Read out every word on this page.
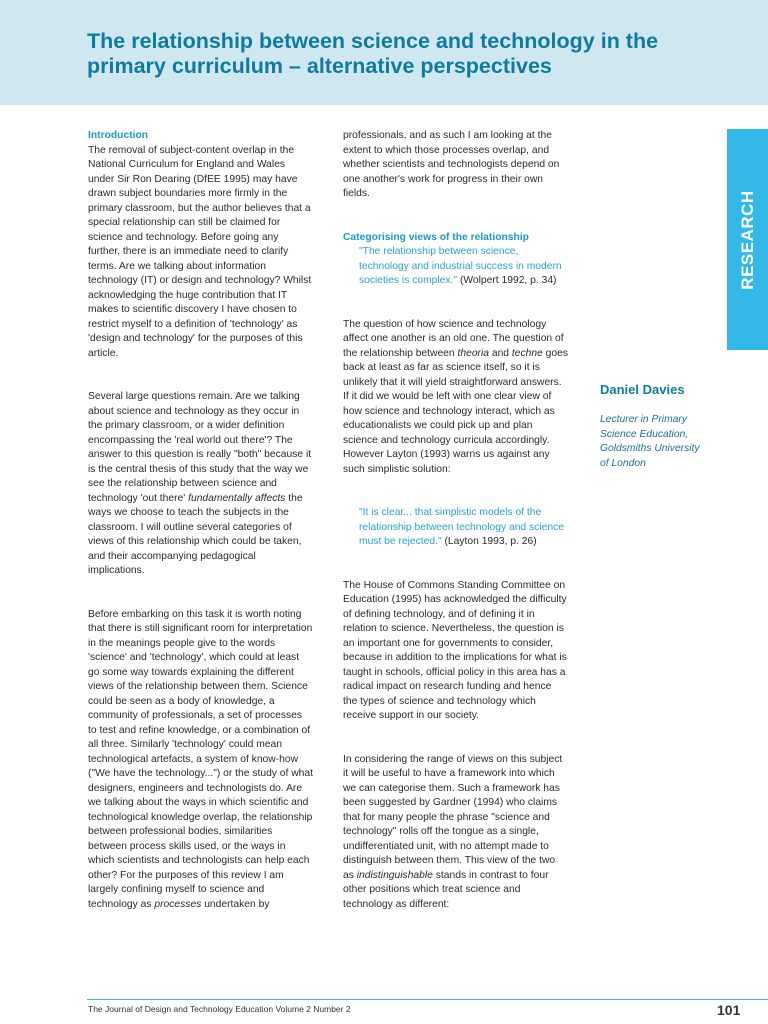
The relationship between science and technology in the primary curriculum – alternative perspectives

Introduction

The removal of subject-content overlap in the National Curriculum for England and Wales under Sir Ron Dearing (DfEE 1995) may have drawn subject boundaries more firmly in the primary classroom, but the author believes that a special relationship can still be claimed for science and technology. Before going any further, there is an immediate need to clarify terms. Are we talking about information technology (IT) or design and technology? Whilst acknowledging the huge contribution that IT makes to scientific discovery I have chosen to restrict myself to a definition of 'technology' as 'design and technology' for the purposes of this article.

Several large questions remain. Are we talking about science and technology as they occur in the primary classroom, or a wider definition encompassing the 'real world out there'? The answer to this question is really "both" because it is the central thesis of this study that the way we see the relationship between science and technology 'out there' fundamentally affects the ways we choose to teach the subjects in the classroom. I will outline several categories of views of this relationship which could be taken, and their accompanying pedagogical implications.

Before embarking on this task it is worth noting that there is still significant room for interpretation in the meanings people give to the words 'science' and 'technology', which could at least go some way towards explaining the different views of the relationship between them. Science could be seen as a body of knowledge, a community of professionals, a set of processes to test and refine knowledge, or a combination of all three. Similarly 'technology' could mean technological artefacts, a system of know-how ("We have the technology...") or the study of what designers, engineers and technologists do. Are we talking about the ways in which scientific and technological knowledge overlap, the relationship between professional bodies, similarities between process skills used, or the ways in which scientists and technologists can help each other? For the purposes of this review I am largely confining myself to science and technology as processes undertaken by

professionals, and as such I am looking at the extent to which those processes overlap, and whether scientists and technologists depend on one another's work for progress in their own fields.

Categorising views of the relationship

"The relationship between science, technology and industrial success in modern societies is complex." (Wolpert 1992, p. 34)

The question of how science and technology affect one another is an old one. The question of the relationship between theoria and techne goes back at least as far as science itself, so it is unlikely that it will yield straightforward answers. If it did we would be left with one clear view of how science and technology interact, which as educationalists we could pick up and plan science and technology curricula accordingly. However Layton (1993) warns us against any such simplistic solution:

"It is clear... that simplistic models of the relationship between technology and science must be rejected." (Layton 1993, p. 26)

The House of Commons Standing Committee on Education (1995) has acknowledged the difficulty of defining technology, and of defining it in relation to science. Nevertheless, the question is an important one for governments to consider, because in addition to the implications for what is taught in schools, official policy in this area has a radical impact on research funding and hence the types of science and technology which receive support in our society.

In considering the range of views on this subject it will be useful to have a framework into which we can categorise them. Such a framework has been suggested by Gardner (1994) who claims that for many people the phrase "science and technology" rolls off the tongue as a single, undifferentiated unit, with no attempt made to distinguish between them. This view of the two as indistinguishable stands in contrast to four other positions which treat science and technology as different:

RESEARCH
Daniel Davies
Lecturer in Primary
Science Education,
Goldsmiths University
of London
The Journal of Design and Technology Education Volume 2 Number 2	101
